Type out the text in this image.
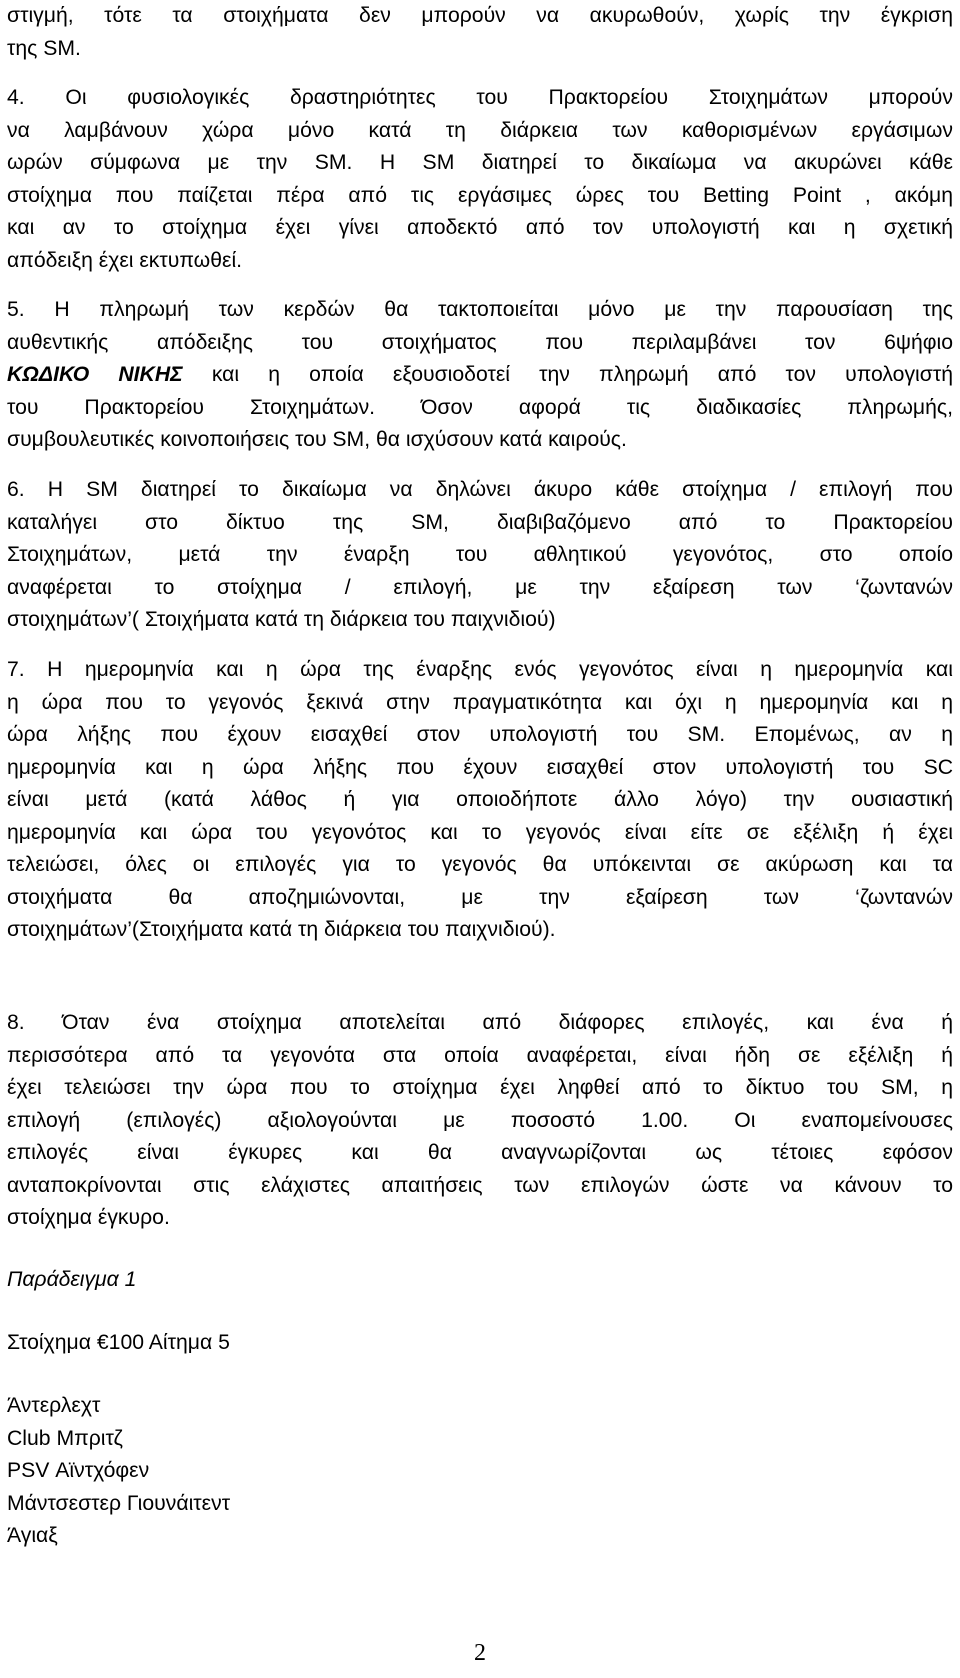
στιγμή, τότε τα στοιχήματα δεν μπορούν να ακυρωθούν, χωρίς την έγκριση
της SM.
4. Οι φυσιολογικές δραστηριότητες του Πρακτορείου Στοιχημάτων μπορούν
να λαμβάνουν χώρα μόνο κατά τη διάρκεια των καθορισμένων εργάσιμων
ωρών σύμφωνα με την SM. Η SM διατηρεί το δικαίωμα να ακυρώνει κάθε
στοίχημα που παίζεται πέρα από τις εργάσιμες ώρες του Betting Point , ακόμη
και αν το στοίχημα έχει γίνει αποδεκτό από τον υπολογιστή και η σχετική
απόδειξη έχει εκτυπωθεί.
5. Η πληρωμή των κερδών θα τακτοποιείται μόνο με την παρουσίαση της
αυθεντικής απόδειξης του στοιχήματος που περιλαμβάνει τον 6ψήφιο
ΚΩΔΙΚΟ ΝΙΚΗΣ και η οποία εξουσιοδοτεί την πληρωμή από τον υπολογιστή
του Πρακτορείου Στοιχημάτων. Όσον αφορά τις διαδικασίες πληρωμής,
συμβουλευτικές κοινοποιήσεις του SM, θα ισχύσουν κατά καιρούς.
6. Η SM διατηρεί το δικαίωμα να δηλώνει άκυρο κάθε στοίχημα / επιλογή που
καταλήγει στο δίκτυο της SM, διαβιβαζόμενο από το Πρακτορείου
Στοιχημάτων, μετά την έναρξη του αθλητικού γεγονότος, στο οποίο
αναφέρεται το στοίχημα / επιλογή, με την εξαίρεση των ‘ζωντανών
στοιχημάτων’( Στοιχήματα κατά τη διάρκεια του παιχνιδιού)
7. Η ημερομηνία και η ώρα της έναρξης ενός γεγονότος είναι η ημερομηνία και
η ώρα που το γεγονός ξεκινά στην πραγματικότητα και όχι η ημερομηνία και η
ώρα λήξης που έχουν εισαχθεί στον υπολογιστή του SM. Επομένως, αν η
ημερομηνία και η ώρα λήξης που έχουν εισαχθεί στον υπολογιστή του SC
είναι μετά (κατά λάθος ή για οποιοδήποτε άλλο λόγο) την ουσιαστική
ημερομηνία και ώρα του γεγονότος και το γεγονός είναι είτε σε εξέλιξη ή έχει
τελειώσει, όλες οι επιλογές για το γεγονός θα υπόκεινται σε ακύρωση και τα
στοιχήματα θα αποζημιώνονται, με την εξαίρεση των ‘ζωντανών
στοιχημάτων’(Στοιχήματα κατά τη διάρκεια του παιχνιδιού).
8. Όταν ένα στοίχημα αποτελείται από διάφορες επιλογές, και ένα ή
περισσότερα από τα γεγονότα στα οποία αναφέρεται, είναι ήδη σε εξέλιξη ή
έχει τελειώσει την ώρα που το στοίχημα έχει ληφθεί από το δίκτυο του SM, η
επιλογή (επιλογές) αξιολογούνται με ποσοστό 1.00. Οι εναπομείνουσες
επιλογές είναι έγκυρες και θα αναγνωρίζονται ως τέτοιες εφόσον
ανταποκρίνονται στις ελάχιστες απαιτήσεις των επιλογών ώστε να κάνουν το
στοίχημα έγκυρο.

Παράδειγμα 1

Στοίχημα €100 Αίτημα 5

Άντερλεχτ

Club Μπριτζ

PSV Αϊντχόφεν

Μάντσεστερ Γιουνάιτεντ

Άγιαξ

2
